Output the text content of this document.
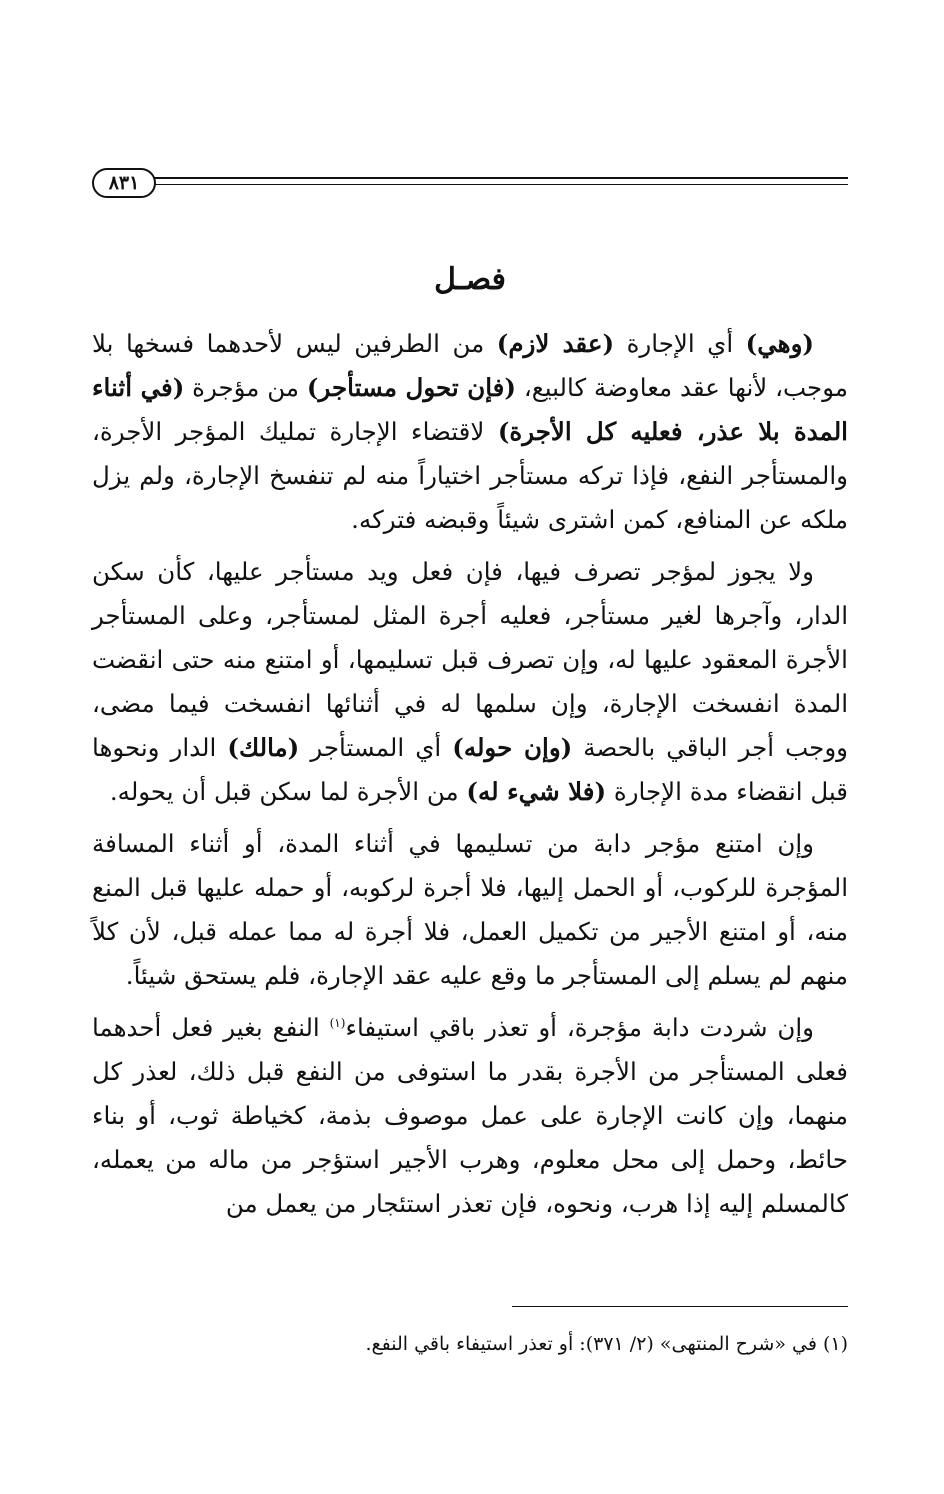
٨٣١
فصـل

(وهي) أي الإجارة (عقد لازم) من الطرفين ليس لأحدهما فسخها بلا موجب، لأنها عقد معاوضة كالبيع، (فإن تحول مستأجر) من مؤجرة (في أثناء المدة بلا عذر، فعليه كل الأجرة) لاقتضاء الإجارة تمليك المؤجر الأجرة، والمستأجر النفع، فإذا تركه مستأجر اختياراً منه لم تنفسخ الإجارة، ولم يزل ملكه عن المنافع، كمن اشترى شيئاً وقبضه فتركه.

ولا يجوز لمؤجر تصرف فيها، فإن فعل ويد مستأجر عليها، كأن سكن الدار، وآجرها لغير مستأجر، فعليه أجرة المثل لمستأجر، وعلى المستأجر الأجرة المعقود عليها له، وإن تصرف قبل تسليمها، أو امتنع منه حتى انقضت المدة انفسخت الإجارة، وإن سلمها له في أثنائها انفسخت فيما مضى، ووجب أجر الباقي بالحصة (وإن حوله) أي المستأجر (مالك) الدار ونحوها قبل انقضاء مدة الإجارة (فلا شيء له) من الأجرة لما سكن قبل أن يحوله.

وإن امتنع مؤجر دابة من تسليمها في أثناء المدة، أو أثناء المسافة المؤجرة للركوب، أو الحمل إليها، فلا أجرة لركوبه، أو حمله عليها قبل المنع منه، أو امتنع الأجير من تكميل العمل، فلا أجرة له مما عمله قبل، لأن كلاً منهم لم يسلم إلى المستأجر ما وقع عليه عقد الإجارة، فلم يستحق شيئاً.

وإن شردت دابة مؤجرة، أو تعذر باقي استيفاء$^{(١)}$ النفع بغير فعل أحدهما فعلى المستأجر من الأجرة بقدر ما استوفى من النفع قبل ذلك، لعذر كل منهما، وإن كانت الإجارة على عمل موصوف بذمة، كخياطة ثوب، أو بناء حائط، وحمل إلى محل معلوم، وهرب الأجير استؤجر من ماله من يعمله، كالمسلم إليه إذا هرب، ونحوه، فإن تعذر استئجار من يعمل من

(١) في «شرح المنتهى» (٢/ ٣٧١): أو تعذر استيفاء باقي النفع.
